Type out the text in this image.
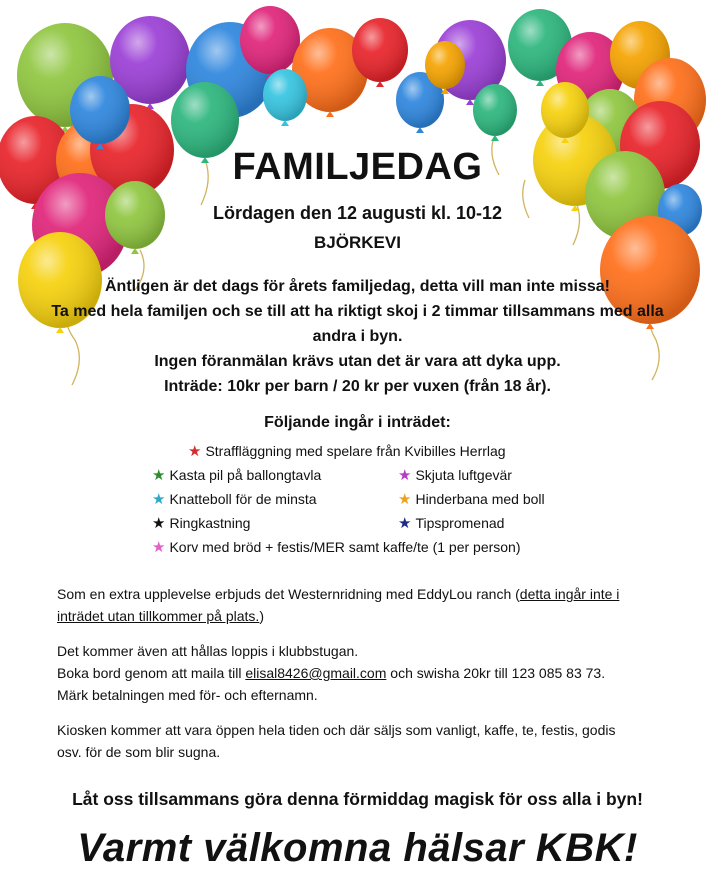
FAMILJEDAG
Lördagen den 12 augusti kl. 10-12
BJÖRKEVI

Äntligen är det dags för årets familjedag, detta vill man inte missa!

Ta med hela familjen och se till att ha riktigt skoj i 2 timmar tillsammans med alla

andra i byn.

Ingen föranmälan krävs utan det är vara att dyka upp.

Inträde: 10kr per barn / 20 kr per vuxen (från 18 år).

Följande ingår i inträdet:
★ Straffläggning med spelare från Kvibilles Herrlag
★ Kasta pil på ballongtavla	★ Skjuta luftgevär
★ Knatteboll för de minsta	★ Hinderbana med boll
★ Ringkastning	★ Tipspromenad
★ Korv med bröd + festis/MER samt kaffe/te (1 per person)

Som en extra upplevelse erbjuds det Westernridning med EddyLou ranch (detta ingår inte i

inträdet utan tillkommer på plats.)

Det kommer även att hållas loppis i klubbstugan.

Boka bord genom att maila till elisal8426@gmail.com och swisha 20kr till 123 085 83 73.

Märk betalningen med för- och efternamn.

Kiosken kommer att vara öppen hela tiden och där säljs som vanligt, kaffe, te, festis, godis

osv. för de som blir sugna.

Låt oss tillsammans göra denna förmiddag magisk för oss alla i byn!
Varmt välkomna hälsar KBK!
